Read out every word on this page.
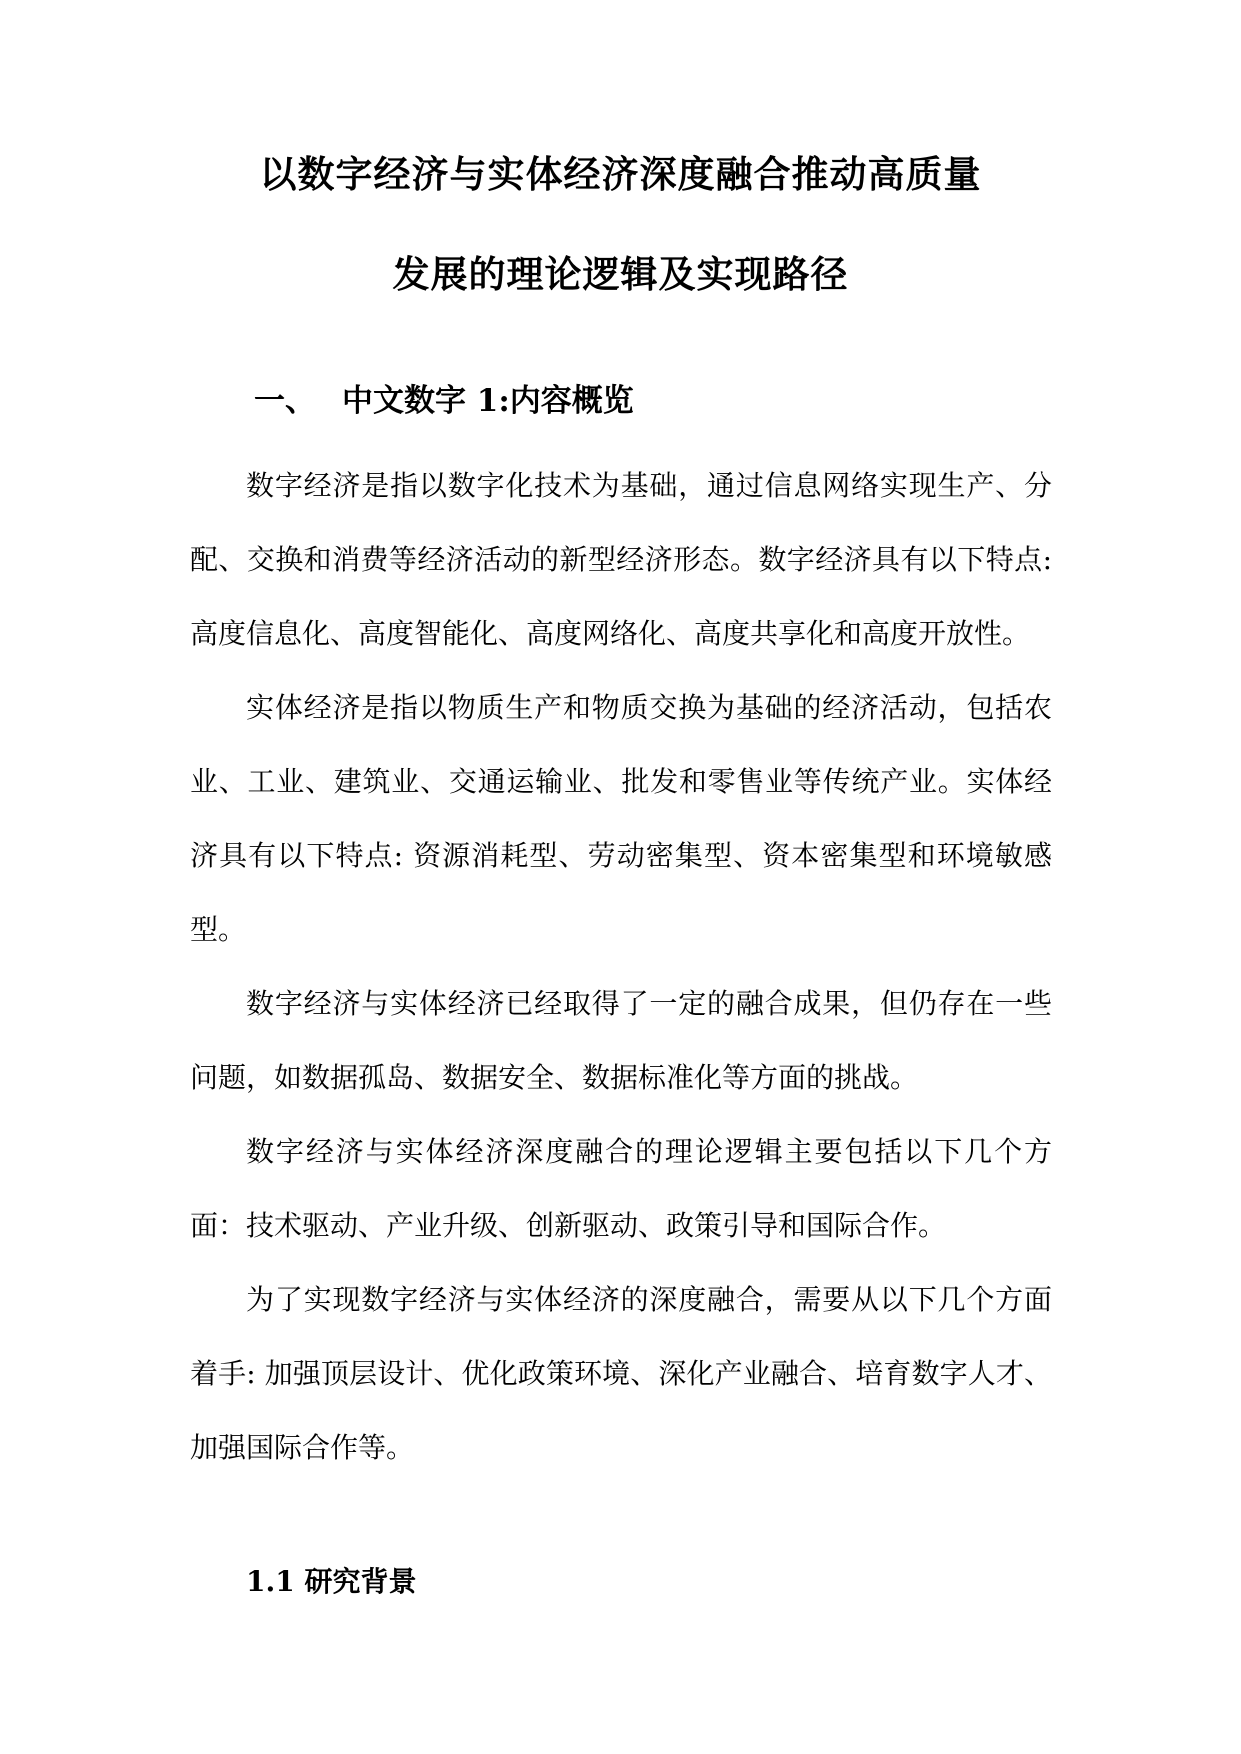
以数字经济与实体经济深度融合推动高质量
发展的理论逻辑及实现路径
一、 中文数字 1:内容概览

数字经济是指以数字化技术为基础，通过信息网络实现生产、分配、交换和消费等经济活动的新型经济形态。数字经济具有以下特点:高度信息化、高度智能化、高度网络化、高度共享化和高度开放性。

实体经济是指以物质生产和物质交换为基础的经济活动，包括农业、工业、建筑业、交通运输业、批发和零售业等传统产业。实体经济具有以下特点: 资源消耗型、劳动密集型、资本密集型和环境敏感型。

数字经济与实体经济已经取得了一定的融合成果，但仍存在一些问题，如数据孤岛、数据安全、数据标准化等方面的挑战。

数字经济与实体经济深度融合的理论逻辑主要包括以下几个方面：技术驱动、产业升级、创新驱动、政策引导和国际合作。

为了实现数字经济与实体经济的深度融合，需要从以下几个方面着手: 加强顶层设计、优化政策环境、深化产业融合、培育数字人才、加强国际合作等。

1.1 研究背景
